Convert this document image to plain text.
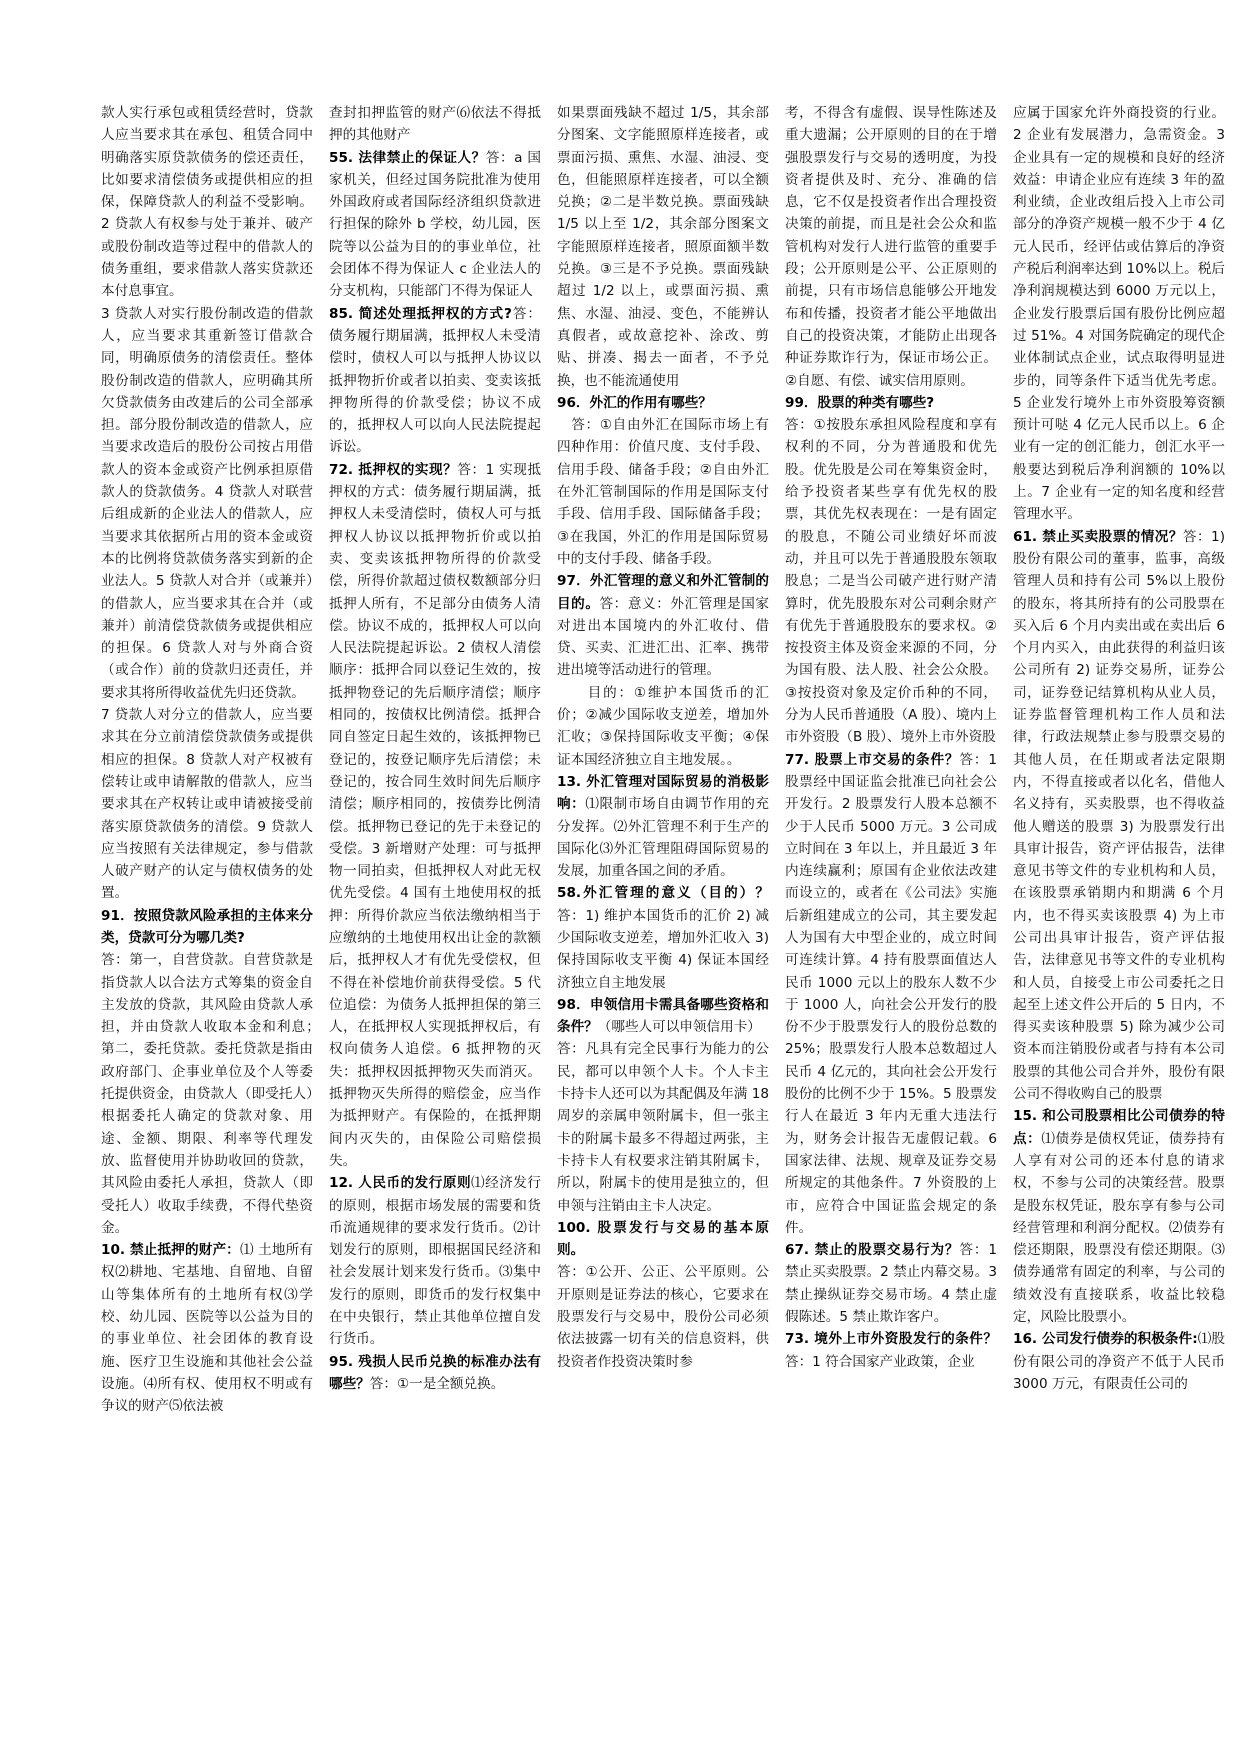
款人实行承包或租赁经营时，贷款人应当要求其在承包、租赁合同中明确落实原贷款债务的偿还责任，比如要求清偿债务或提供相应的担保，保障贷款人的利益不受影响。2 贷款人有权参与处于兼并、破产或股份制改造等过程中的借款人的债务重组，要求借款人落实贷款还本付息事宜。

3 贷款人对实行股份制改造的借款人，应当要求其重新签订借款合同，明确原债务的清偿责任。整体股份制改造的借款人，应明确其所欠贷款债务由改建后的公司全部承担。部分股份制改造的借款人，应当要求改造后的股份公司按占用借款人的资本金或资产比例承担原借款人的贷款债务。4 贷款人对联营后组成新的企业法人的借款人，应当要求其依据所占用的资本金或资本的比例将贷款债务落实到新的企业法人。5 贷款人对合并（或兼并）的借款人，应当要求其在合并（或兼并）前清偿贷款债务或提供相应的担保。6 贷款人对与外商合资（或合作）前的贷款归还责任，并要求其将所得收益优先归还贷款。

7 贷款人对分立的借款人，应当要求其在分立前清偿贷款债务或提供相应的担保。8 贷款人对产权被有偿转让或申请解散的借款人，应当要求其在产权转让或申请被接受前落实原贷款债务的清偿。9 贷款人应当按照有关法律规定，参与借款人破产财产的认定与债权债务的处置。

91．按照贷款风险承担的主体来分类，贷款可分为哪几类?

答：第一，自营贷款。自营贷款是指贷款人以合法方式筹集的资金自主发放的贷款，其风险由贷款人承担，并由贷款人收取本金和利息；　第二，委托贷款。委托贷款是指由政府部门、企事业单位及个人等委托提供资金，由贷款人（即受托人）根据委托人确定的贷款对象、用途、金额、期限、利率等代理发放、监督使用并协助收回的贷款，其风险由委托人承担，贷款人（即受托人）收取手续费，不得代垫资金。

10. 禁止抵押的财产：⑴ 土地所有权⑵耕地、宅基地、自留地、自留山等集体所有的土地所有权⑶学校、幼儿园、医院等以公益为目的的事业单位、社会团体的教育设施、医疗卫生设施和其他社会公益设施。⑷所有权、使用权不明或有争议的财产⑸依法被

查封扣押监管的财产⑹依法不得抵押的其他财产

55. 法律禁止的保证人？答：a 国家机关，但经过国务院批准为使用外国政府或者国际经济组织贷款进行担保的除外 b 学校，幼儿园，医院等以公益为目的的事业单位，社会团体不得为保证人 c 企业法人的分支机构，只能部门不得为保证人

85. 简述处理抵押权的方式?答：债务履行期届满，抵押权人未受清偿时，债权人可以与抵押人协议以抵押物折价或者以拍卖、变卖该抵押物所得的价款受偿；协议不成的，抵押权人可以向人民法院提起诉讼。

72. 抵押权的实现？答：1 实现抵押权的方式：债务履行期届满，抵押权人未受清偿时，债权人可与抵押权人协议以抵押物折价或以拍卖、变卖该抵押物所得的价款受偿，所得价款超过债权数额部分归抵押人所有，不足部分由债务人清偿。协议不成的，抵押权人可以向人民法院提起诉讼。2 债权人清偿顺序：抵押合同以登记生效的，按抵押物登记的先后顺序清偿；顺序相同的，按债权比例清偿。抵押合同自签定日起生效的，该抵押物已登记的，按登记顺序先后清偿；未登记的，按合同生效时间先后顺序清偿；顺序相同的，按债券比例清偿。抵押物已登记的先于未登记的受偿。3 新增财产处理：可与抵押物一同拍卖，但抵押权人对此无权优先受偿。4 国有土地使用权的抵押：所得价款应当依法缴纳相当于应缴纳的土地使用权出让金的款额后，抵押权人才有优先受偿权，但不得在补偿地价前获得受偿。5 代位追偿：为债务人抵押担保的第三人，在抵押权人实现抵押权后，有权向债务人追偿。6 抵押物的灭失：抵押权因抵押物灭失而消灭。抵押物灭失所得的赔偿金，应当作为抵押财产。有保险的，在抵押期间内灭失的，由保险公司赔偿损失。

12. 人民币的发行原则⑴经济发行的原则，根据市场发展的需要和货币流通规律的要求发行货币。⑵计划发行的原则，即根据国民经济和社会发展计划来发行货币。⑶集中发行的原则，即货币的发行权集中在中央银行，禁止其他单位擅自发行货币。

95. 残损人民币兑换的标准办法有哪些？答：①一是全额兑换。

如果票面残缺不超过 1/5，其余部分图案、文字能照原样连接者，或票面污损、熏焦、水湿、油浸、变色，但能照原样连接者，可以全额兑换；②二是半数兑换。票面残缺 1/5 以上至 1/2，其余部分图案文字能照原样连接者，照原面额半数兑换。③三是不予兑换。票面残缺超过 1/2 以上，或票面污损、熏焦、水湿、油浸、变色，不能辨认真假者，或故意挖补、涂改、剪贴、拼凑、揭去一面者，不予兑换，也不能流通使用

96．外汇的作用有哪些？

　答：①自由外汇在国际市场上有四种作用：价值尺度、支付手段、信用手段、储备手段；②自由外汇在外汇管制国际的作用是国际支付手段、信用手段、国际储备手段；③在我国，外汇的作用是国际贸易中的支付手段、储备手段。

97．外汇管理的意义和外汇管制的目的。答：意义：外汇管理是国家对进出本国境内的外汇收付、借贷、买卖、汇进汇出、汇率、携带进出境等活动进行的管理。

　　目的：①维护本国货币的汇价；②减少国际收支逆差，增加外汇收；③保持国际收支平衡；④保证本国经济独立自主地发展。。

13. 外汇管理对国际贸易的消极影响：⑴限制市场自由调节作用的充分发挥。⑵外汇管理不利于生产的国际化⑶外汇管理阻碍国际贸易的发展，加重各国之间的矛盾。

58.外汇管理的意义（目的）？答：1) 维护本国货币的汇价 2) 减少国际收支逆差，增加外汇收入 3) 保持国际收支平衡 4) 保证本国经济独立自主地发展

98．申领信用卡需具备哪些资格和条件？（哪些人可以申领信用卡）

答：凡具有完全民事行为能力的公民，都可以申领个人卡。个人卡主卡持卡人还可以为其配偶及年满 18 周岁的亲属申领附属卡，但一张主卡的附属卡最多不得超过两张，主卡持卡人有权要求注销其附属卡，所以，附属卡的使用是独立的，但申领与注销由主卡人决定。

100. 股票发行与交易的基本原则。

答：①公开、公正、公平原则。公开原则是证券法的核心，它要求在股票发行与交易中，股份公司必须依法披露一切有关的信息资料，供投资者作投资决策时参

考，不得含有虚假、误导性陈述及重大遗漏；公开原则的目的在于增强股票发行与交易的透明度，为投资者提供及时、充分、准确的信息，它不仅是投资者作出合理投资决策的前提，而且是社会公众和监管机构对发行人进行监管的重要手段；公开原则是公平、公正原则的前提，只有市场信息能够公开地发布和传播，投资者才能公平地做出自己的投资决策，才能防止出现各种证券欺诈行为，保证市场公正。②自愿、有偿、诚实信用原则。

99．股票的种类有哪些?

答：①按股东承担风险程度和享有权利的不同，分为普通股和优先股。优先股是公司在筹集资金时，给予投资者某些享有优先权的股票，其优先权表现在：一是有固定的股息，不随公司业绩好坏而波动，并且可以先于普通股股东领取股息；二是当公司破产进行财产清算时，优先股股东对公司剩余财产有优先于普通股股东的要求权。②按投资主体及资金来源的不同，分为国有股、法人股、社会公众股。③按投资对象及定价币种的不同，分为人民币普通股（A 股）、境内上市外资股（B 股）、境外上市外资股

77. 股票上市交易的条件？答：1 股票经中国证监会批准已向社会公开发行。2 股票发行人股本总额不少于人民币 5000 万元。3 公司成立时间在 3 年以上，并且最近 3 年内连续赢利；原国有企业依法改建而设立的，或者在《公司法》实施后新组建成立的公司，其主要发起人为国有大中型企业的，成立时间可连续计算。4 持有股票面值达人民币 1000 元以上的股东人数不少于 1000 人，向社会公开发行的股份不少于股票发行人的股份总数的 25%；股票发行人股本总数超过人民币 4 亿元的，其向社会公开发行股份的比例不少于 15%。5 股票发行人在最近 3 年内无重大违法行为，财务会计报告无虚假记载。6 国家法律、法规、规章及证券交易所规定的其他条件。7 外资股的上市，应符合中国证监会规定的条件。

67. 禁止的股票交易行为？答：1 禁止买卖股票。2 禁止内幕交易。3 禁止操纵证券交易市场。4 禁止虚假陈述。5 禁止欺诈客户。

73. 境外上市外资股发行的条件？答：1 符合国家产业政策，企业

应属于国家允许外商投资的行业。2 企业有发展潜力，急需资金。3 企业具有一定的规模和良好的经济效益：申请企业应有连续 3 年的盈利业绩，企业改组后投入上市公司部分的净资产规模一般不少于 4 亿元人民币，经评估或估算后的净资产税后利润率达到 10%以上。税后净利润规模达到 6000 万元以上，企业发行股票后国有股份比例应超过 51%。4 对国务院确定的现代企业体制试点企业，试点取得明显进步的，同等条件下适当优先考虑。5 企业发行境外上市外资股筹资额预计可哒 4 亿元人民币以上。6 企业有一定的创汇能力，创汇水平一般要达到税后净利润额的 10%以上。7 企业有一定的知名度和经营管理水平。

61. 禁止买卖股票的情况？答：1) 股份有限公司的董事，监事，高级管理人员和持有公司 5%以上股份的股东，将其所持有的公司股票在买入后 6 个月内卖出或在卖出后 6 个月内买入，由此获得的利益归该公司所有 2) 证券交易所，证券公司，证券登记结算机构从业人员，证券监督管理机构工作人员和法律，行政法规禁止参与股票交易的其他人员，在任期或者法定限期内，不得直接或者以化名，借他人名义持有，买卖股票，也不得收益他人赠送的股票 3) 为股票发行出具审计报告，资产评估报告，法律意见书等文件的专业机构和人员，在该股票承销期内和期满 6 个月内，也不得买卖该股票 4) 为上市公司出具审计报告，资产评估报告，法律意见书等文件的专业机构和人员，自接受上市公司委托之日起至上述文件公开后的 5 日内，不得买卖该种股票 5) 除为减少公司资本而注销股份或者与持有本公司股票的其他公司合并外，股份有限公司不得收购自己的股票

15. 和公司股票相比公司债券的特点：⑴债券是债权凭证，债券持有人享有对公司的还本付息的请求权，不参与公司的决策经营。股票是股东权凭证，股东享有参与公司经营管理和利润分配权。⑵债券有偿还期限，股票没有偿还期限。⑶债券通常有固定的利率，与公司的绩效没有直接联系，收益比较稳定，风险比股票小。

16. 公司发行债券的积极条件:⑴股份有限公司的净资产不低于人民币 3000 万元，有限责任公司的
